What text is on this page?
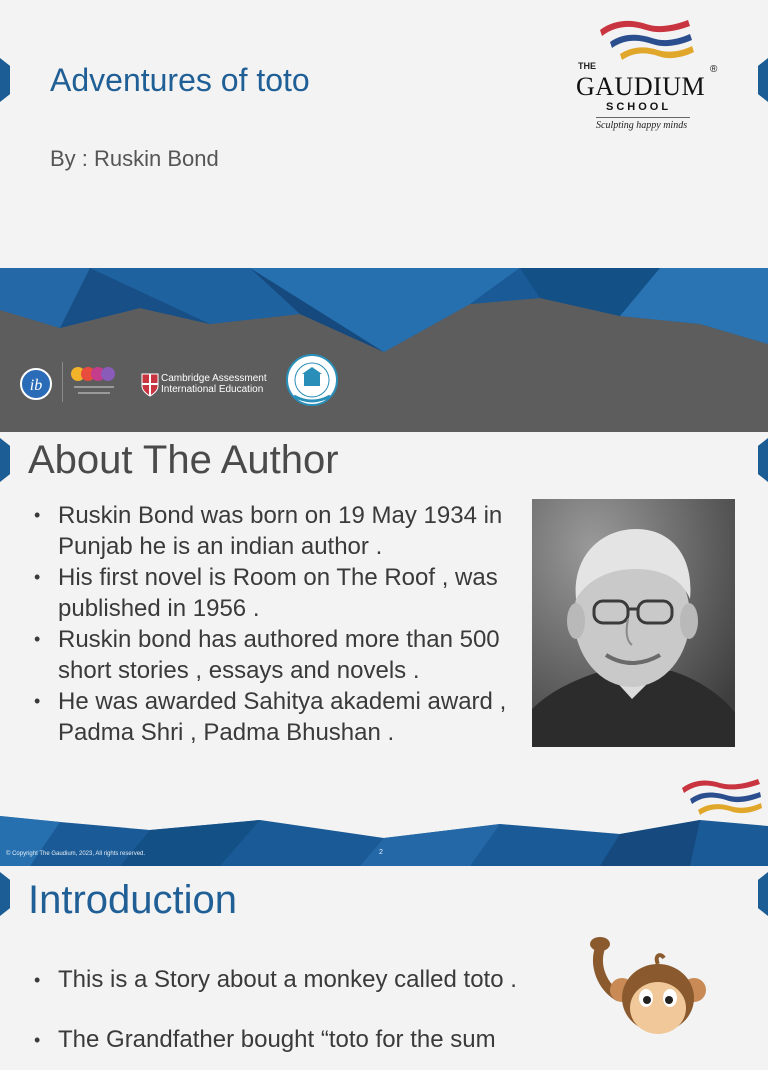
Adventures of toto
By : Ruskin Bond
THE
GAUDIUM
®
SCHOOL
Sculpting happy minds
ib	Cambridge Assessment
International Education
About The Author
• Ruskin Bond was born on 19 May 1934 in Punjab he is an indian author .
• His first novel is Room on The Roof , was published in 1956 .
• Ruskin bond has authored more than 500 short stories , essays and novels .
• He was awarded Sahitya akademi award , Padma Shri , Padma Bhushan .
© Copyright The Gaudium, 2023, All rights reserved.	2
Introduction
• This is a Story about a monkey called toto .
• The Grandfather bought “toto for the sum
